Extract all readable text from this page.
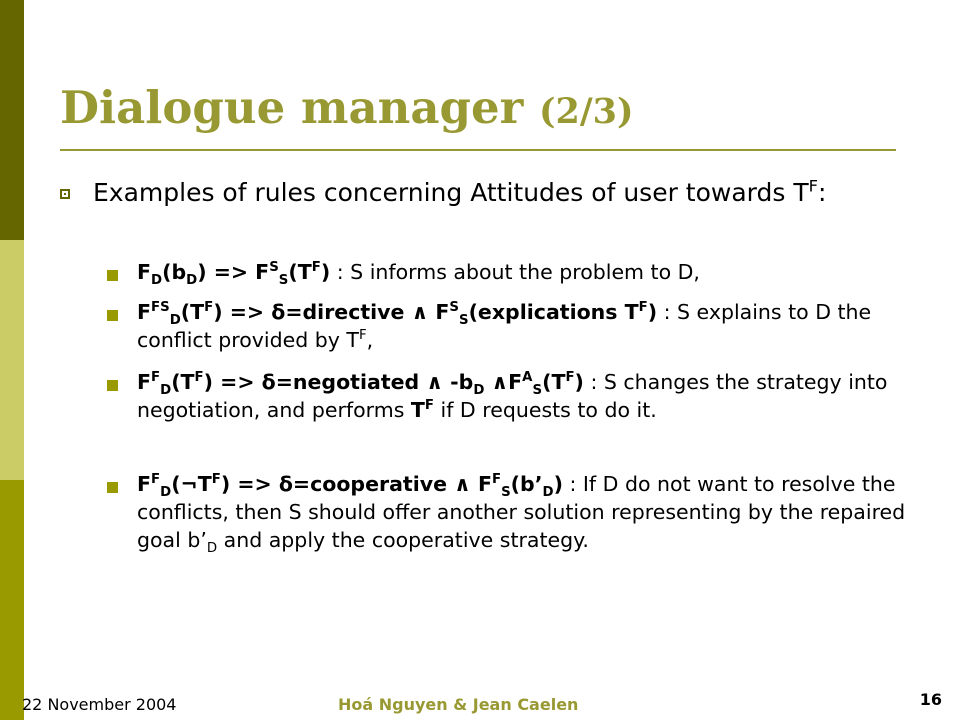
Dialogue manager (2/3)
Examples of rules concerning Attitudes of user towards $T^F$:
$F_D(b_D) => F^S_S(T^F)$ : S informs about the problem to D,
$F^{FS}_D(T^F)$ => δ=directive ∧ $F^S_S(explications$ $T^F$) : S explains to D the conflict provided by $T^F$,
$F^F_D(T^F)$ => δ=negotiated ∧ $-b_D$ $\wedge F^A_S(T^F)$ : S changes the strategy into negotiation, and performs $T^F$ if D requests to do it.
$F^F_D(\neg T^F)$ => δ=cooperative ∧ $F^F_S(b’_D)$ : If D do not want to resolve the conflicts, then S should offer another solution representing by the repaired goal $b’_D$ and apply the cooperative strategy.
22 November 2004	Hoá Nguyen & Jean Caelen	16
